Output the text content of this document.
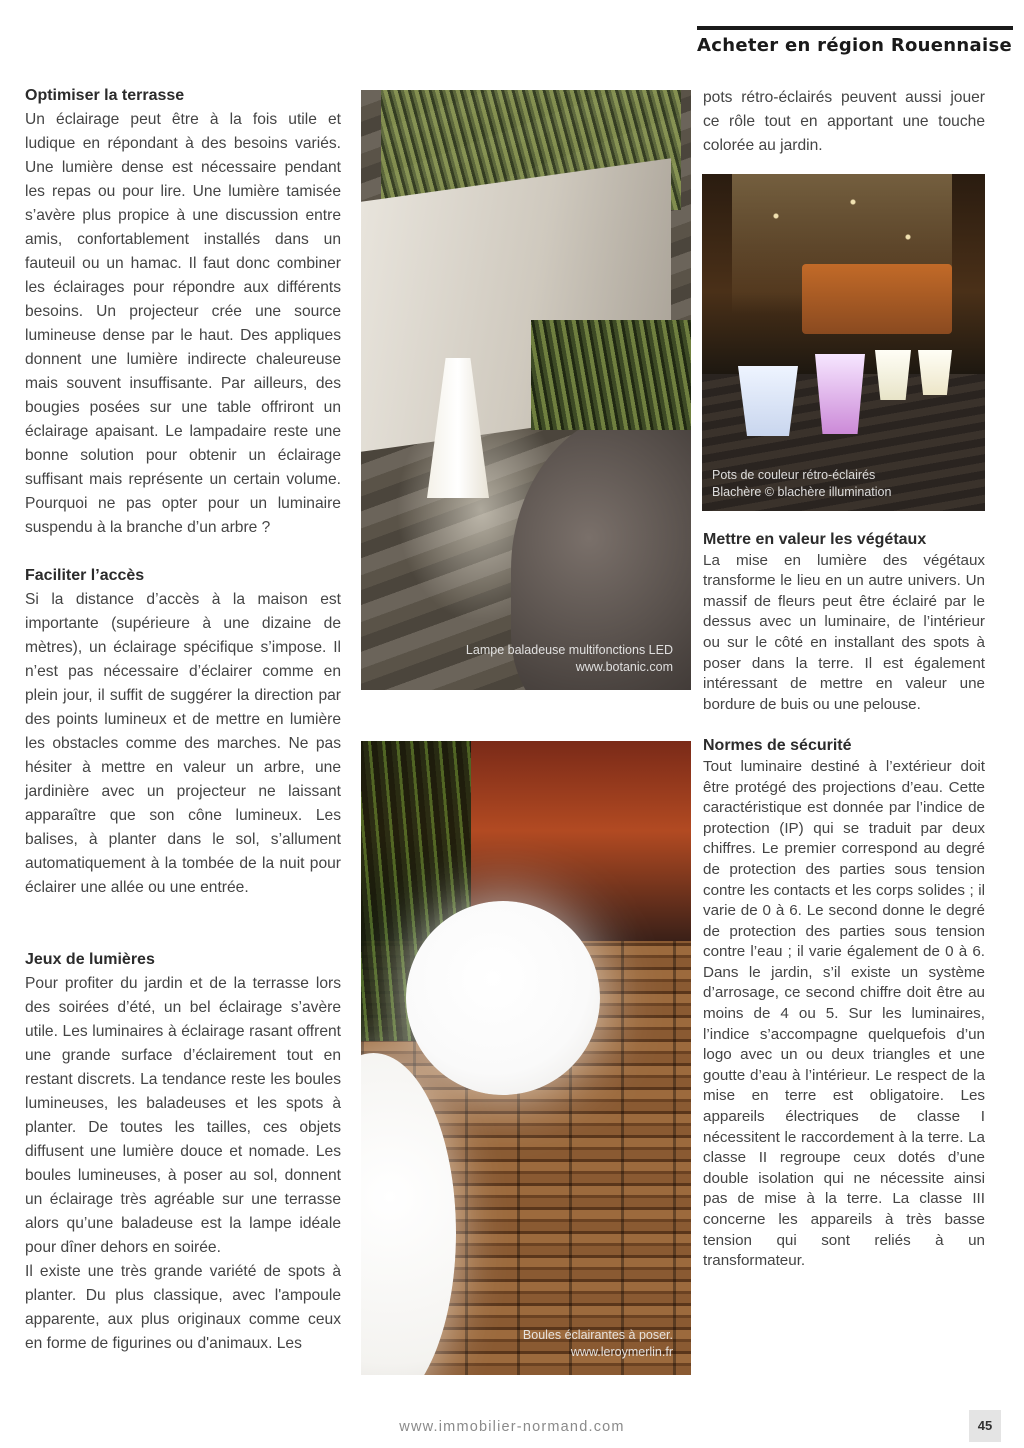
Acheter en région Rouennaise
Optimiser la terrasse

Un éclairage peut être à la fois utile et ludique en répondant à des besoins variés. Une lumière dense est nécessaire pendant les repas ou pour lire. Une lumière tamisée s’avère plus propice à une discussion entre amis, confortablement installés dans un fauteuil ou un hamac. Il faut donc combiner les éclairages pour répondre aux différents besoins. Un projecteur crée une source lumineuse dense par le haut. Des appliques donnent une lumière indirecte chaleureuse mais souvent insuffisante. Par ailleurs, des bougies posées sur une table offriront un éclairage apaisant. Le lampadaire reste une bonne solution pour obtenir un éclairage suffisant mais représente un certain volume. Pourquoi ne pas opter pour un luminaire suspendu à la branche d’un arbre ?

Faciliter l’accès

Si la distance d’accès à la maison est importante (supérieure à une dizaine de mètres), un éclairage spécifique s’impose. Il n’est pas nécessaire d’éclairer comme en plein jour, il suffit de suggérer la direction par des points lumineux et de mettre en lumière les obstacles comme des marches. Ne pas hésiter à mettre en valeur un arbre, une jardinière avec un projecteur ne laissant apparaître que son cône lumineux. Les balises, à planter dans le sol, s’allument automatiquement à la tombée de la nuit pour éclairer une allée ou une entrée.

Jeux de lumières

Pour profiter du jardin et de la terrasse lors des soirées d’été, un bel éclairage s’avère utile. Les luminaires à éclairage rasant offrent une grande surface d’éclairement tout en restant discrets. La tendance reste les boules lumineuses, les baladeuses et les spots à planter. De toutes les tailles, ces objets diffusent une lumière douce et nomade. Les boules lumineuses, à poser au sol, donnent un éclairage très agréable sur une terrasse alors qu’une baladeuse est la lampe idéale pour dîner dehors en soirée.

Il existe une très grande variété de spots à planter. Du plus classique, avec l'ampoule apparente, aux plus originaux comme ceux en forme de figurines ou d'animaux. Les

Lampe baladeuse multifonctions LED
www.botanic.com
Boules éclairantes à poser.
www.leroymerlin.fr

pots rétro-éclairés peuvent aussi jouer ce rôle tout en apportant une touche colorée au jardin.

Pots de couleur rétro-éclairés
Blachère © blachère illumination
Mettre en valeur les végétaux

La mise en lumière des végétaux transforme le lieu en un autre univers. Un massif de fleurs peut être éclairé par le dessus avec un luminaire, de l’intérieur ou sur le côté en installant des spots à poser dans la terre. Il est également intéressant de mettre en valeur une bordure de buis ou une pelouse.

Normes de sécurité

Tout luminaire destiné à l’extérieur doit être protégé des projections d’eau. Cette caractéristique est donnée par l’indice de protection (IP) qui se traduit par deux chiffres. Le premier correspond au degré de protection des parties sous tension contre les contacts et les corps solides ; il varie de 0 à 6. Le second donne le degré de protection des parties sous tension contre l’eau ; il varie également de 0 à 6. Dans le jardin, s’il existe un système d’arrosage, ce second chiffre doit être au moins de 4 ou 5. Sur les luminaires, l’indice s’accompagne quelquefois d’un logo avec un ou deux triangles et une goutte d’eau à l’intérieur. Le respect de la mise en terre est obligatoire. Les appareils électriques de classe I nécessitent le raccordement à la terre. La classe II regroupe ceux dotés d’une double isolation qui ne nécessite ainsi pas de mise à la terre. La classe III concerne les appareils à très basse tension qui sont reliés à un transformateur.

www.immobilier-normand.com	45
